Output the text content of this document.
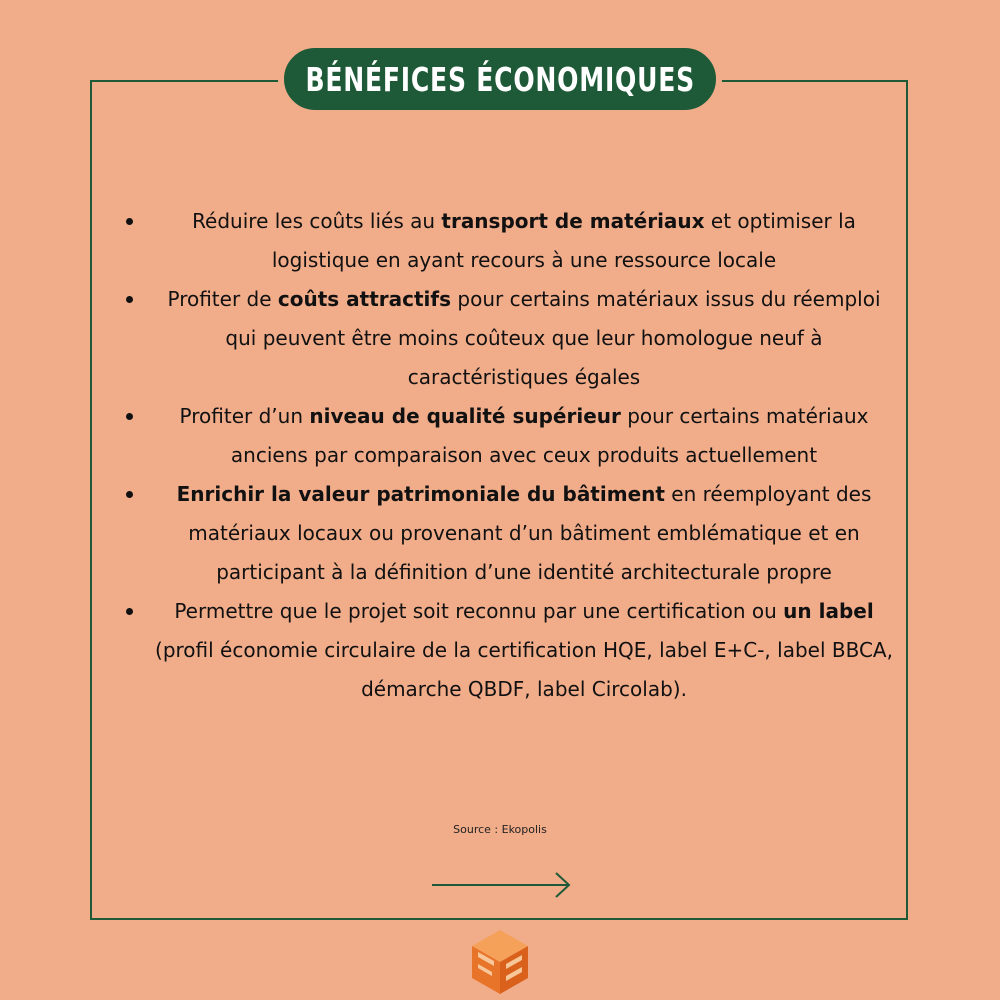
BÉNÉFICES ÉCONOMIQUES
Réduire les coûts liés au transport de matériaux et optimiser la logistique en ayant recours à une ressource locale
Profiter de coûts attractifs pour certains matériaux issus du réemploi qui peuvent être moins coûteux que leur homologue neuf à caractéristiques égales
Profiter d’un niveau de qualité supérieur pour certains matériaux anciens par comparaison avec ceux produits actuellement
Enrichir la valeur patrimoniale du bâtiment en réemployant des matériaux locaux ou provenant d’un bâtiment emblématique et en participant à la définition d’une identité architecturale propre
Permettre que le projet soit reconnu par une certification ou un label (profil économie circulaire de la certification HQE, label E+C-, label BBCA, démarche QBDF, label Circolab).
Source : Ekopolis
